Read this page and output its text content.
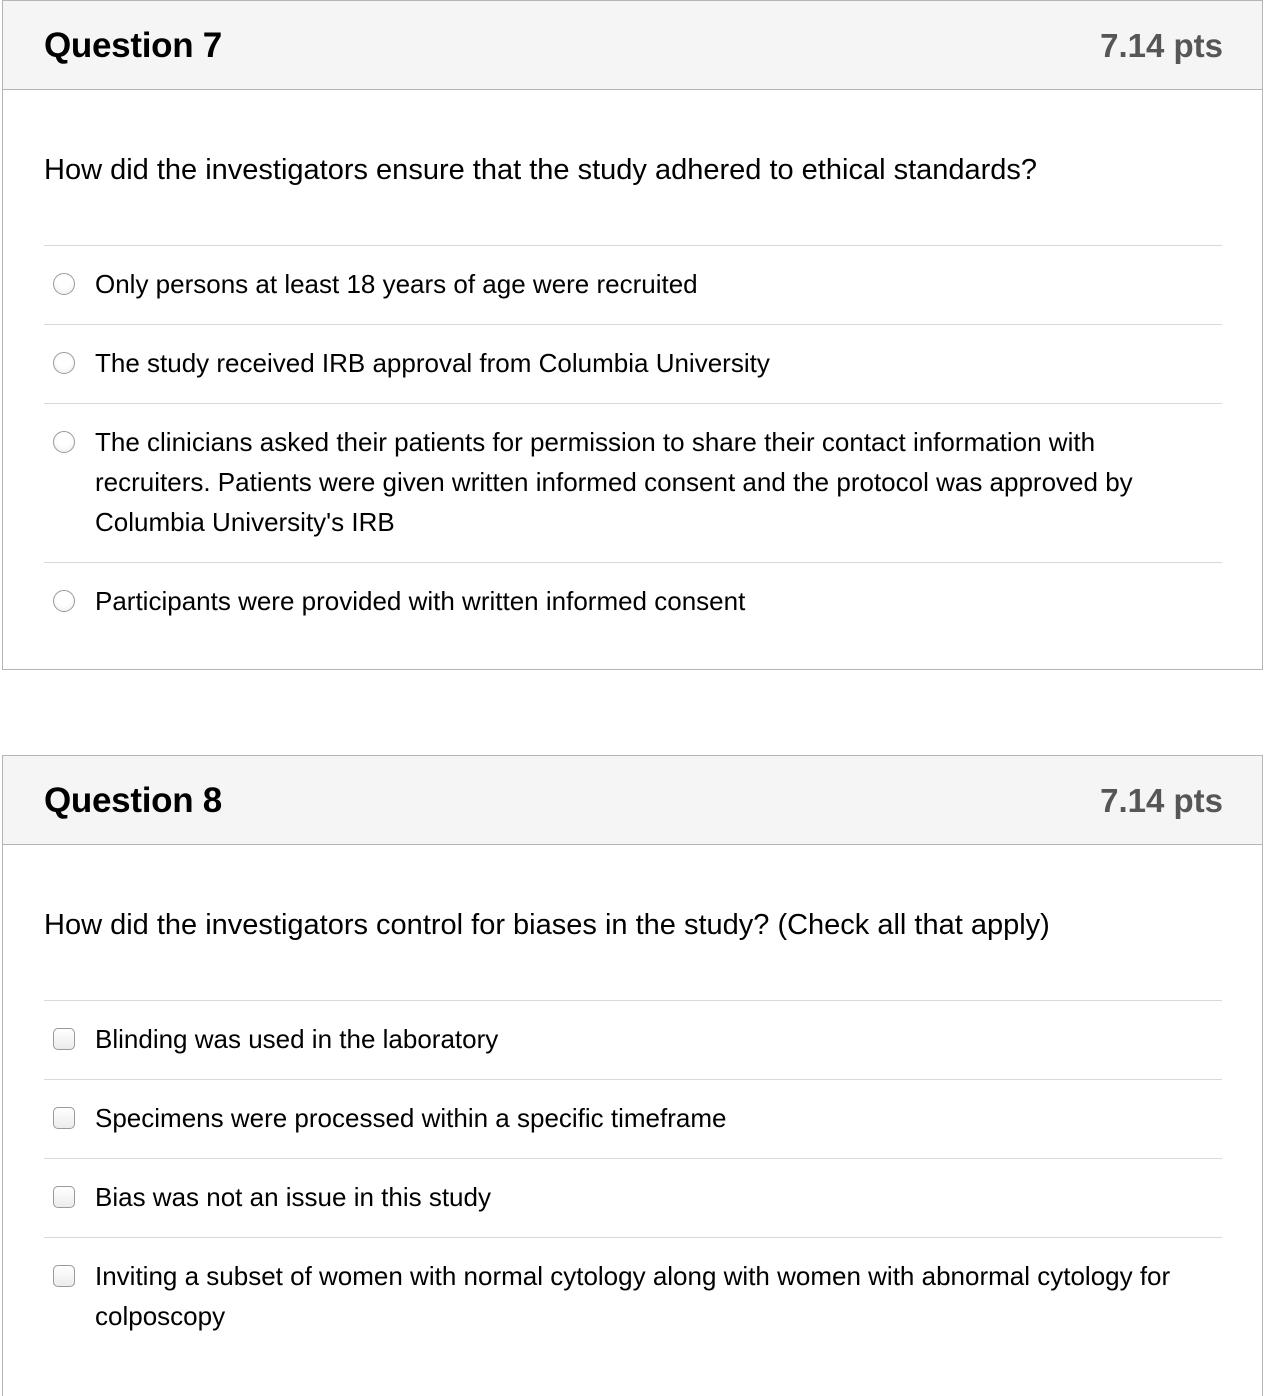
Question 7	7.14 pts
How did the investigators ensure that the study adhered to ethical standards?
Only persons at least 18 years of age were recruited
The study received IRB approval from Columbia University
The clinicians asked their patients for permission to share their contact information with recruiters. Patients were given written informed consent and the protocol was approved by Columbia University's IRB
Participants were provided with written informed consent
Question 8	7.14 pts
How did the investigators control for biases in the study? (Check all that apply)
Blinding was used in the laboratory
Specimens were processed within a specific timeframe
Bias was not an issue in this study
Inviting a subset of women with normal cytology along with women with abnormal cytology for colposcopy
